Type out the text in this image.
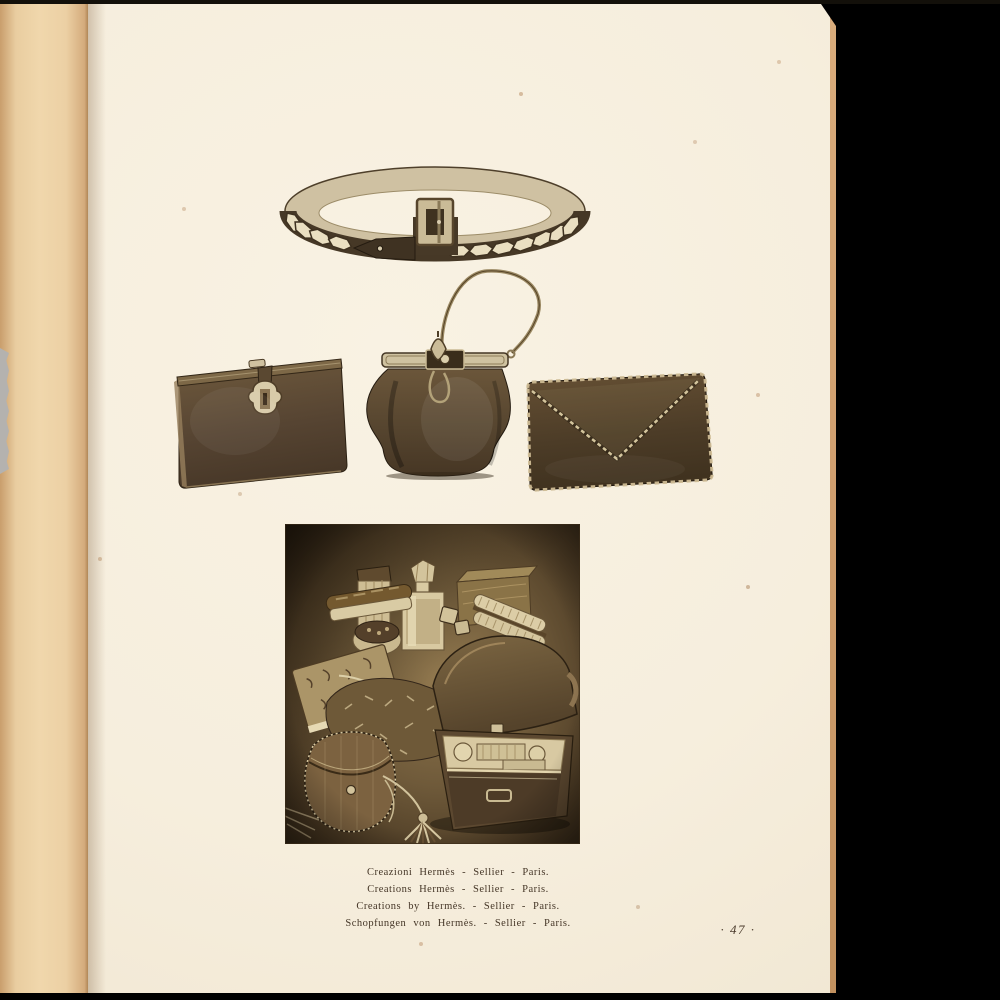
Creazioni Hermès - Sellier - Paris.

Creations Hermès - Sellier - Paris.

Creations by Hermès. - Sellier - Paris.

Schopfungen von Hermès. - Sellier - Paris.	· 47 ·
